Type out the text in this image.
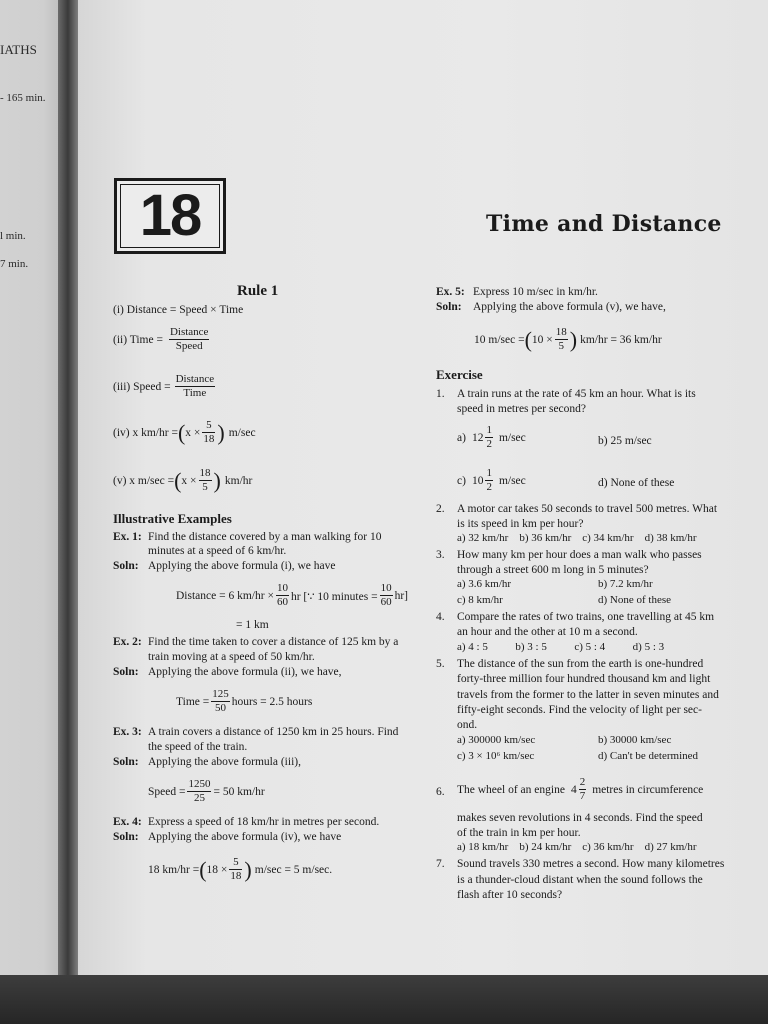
IATHS
- 165 min.
l min.
7 min.
18	Time and Distance
Rule 1
(i) Distance = Speed × Time
(ii) Time = $\frac{\text{Distance}}{\text{Speed}}$
(iii) Speed = $\frac{\text{Distance}}{\text{Time}}$
(iv) x km/hr = ( $x \times \frac{5}{18}$ ) m/sec
(v) x m/sec = ( $x \times \frac{18}{5}$ ) km/hr
Illustrative Examples
Ex. 1: Find the distance covered by a man walking for 10
minutes at a speed of 6 km/hr.
Soln: Applying the above formula (i), we have
Distance = 6 $km/hr \times \frac{10}{60}$ hr [∵ 10 minutes = $\frac{10}{60} hr$]
= 1 km
Ex. 2: Find the time taken to cover a distance of 125 km by a
train moving at a speed of 50 km/hr.
Soln: Applying the above formula (ii), we have,
Time = $\frac{125}{50}$ hours = 2.5 hours
Ex. 3: A train covers a distance of 1250 km in 25 hours. Find
the speed of the train.
Soln: Applying the above formula (iii),
Speed = $\frac{1250}{25} = 50$ km/hr
Ex. 4: Express a speed of 18 km/hr in metres per second.
Soln: Applying the above formula (iv), we have
18 km/hr = ( $18 \times \frac{5}{18}$ ) m/sec = 5 m/sec.
Ex. 5: Express 10 m/sec in km/hr.
Soln: Applying the above formula (v), we have,
10 m/sec = ( $10 \times \frac{18}{5}$ ) km/hr = 36 km/hr
Exercise
1. A train runs at the rate of 45 km an hour. What is its
speed in metres per second?
a) $12 \frac{1}{2} m/\sec$	b) 25 m/sec
c) $10 \frac{1}{2} m/\sec$	d) None of these
2. A motor car takes 50 seconds to travel 500 metres. What
is its speed in km per hour?
a) 32 km/hr    b) 36 km/hr    c) 34 km/hr    d) 38 km/hr
3. How many km per hour does a man walk who passes
through a street 600 m long in 5 minutes?
a) 3.6 km/hr	b) 7.2 km/hr
c) 8 km/hr	d) None of these
4. Compare the rates of two trains, one travelling at 45 km
an hour and the other at 10 m a second.
a) 4 : 5          b) 3 : 5          c) 5 : 4          d) 5 : 3
5. The distance of the sun from the earth is one-hundred
forty-three million four hundred thousand km and light
travels from the former to the latter in seven minutes and
fifty-eight seconds. Find the velocity of light per sec-
ond.
a) 300000 km/sec	b) 30000 km/sec
c) 3 × 10⁶ km/sec	d) Can't be determined
6. The wheel of an engine $4 \frac{2}{7}$ metres in circumference
makes seven revolutions in 4 seconds. Find the speed
of the train in km per hour.
a) 18 km/hr    b) 24 km/hr    c) 36 km/hr    d) 27 km/hr
7. Sound travels 330 metres a second. How many kilometres
is a thunder-cloud distant when the sound follows the
flash after 10 seconds?
